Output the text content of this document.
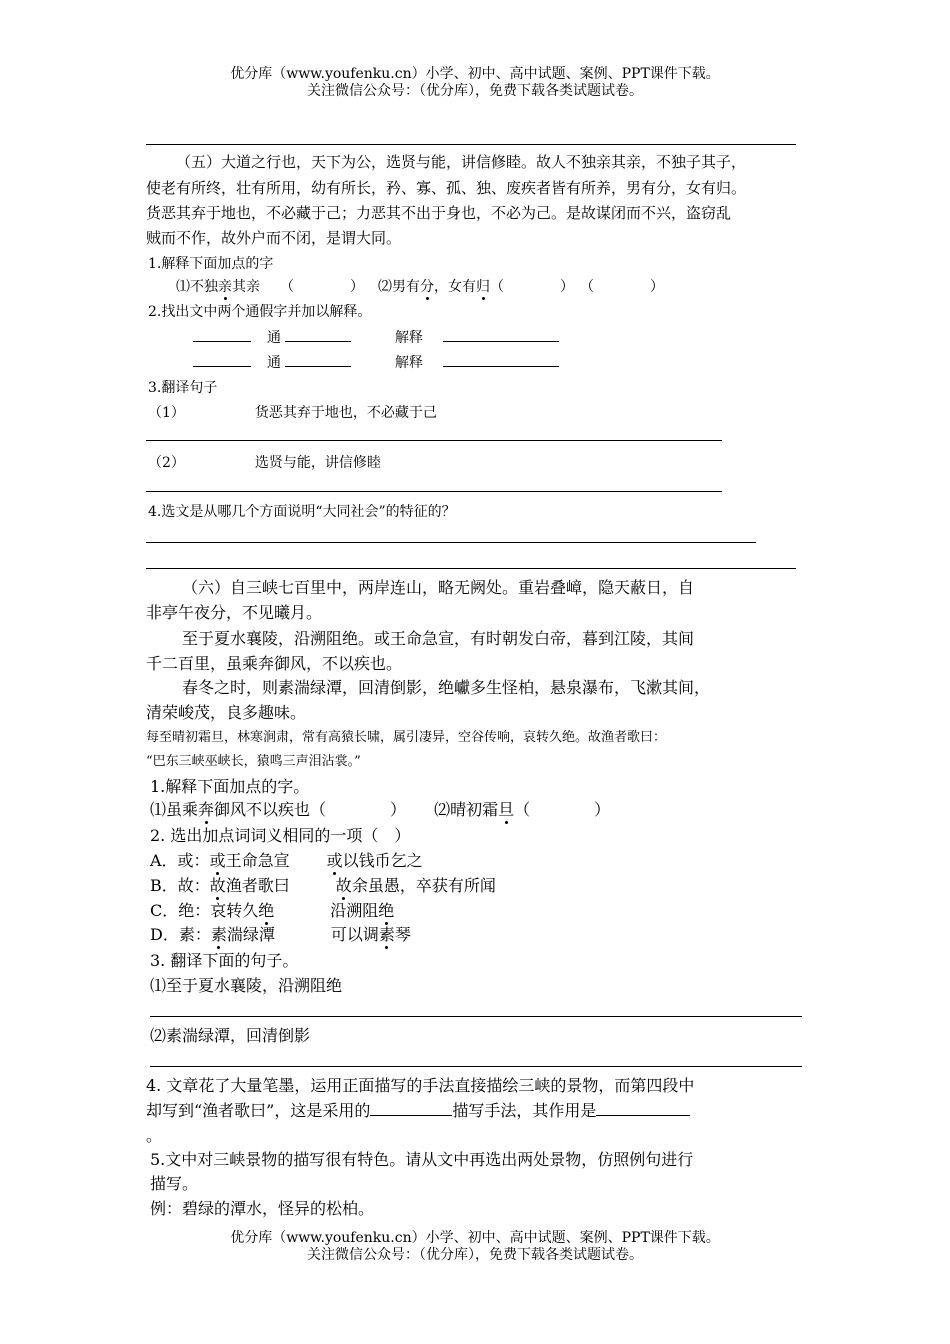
优分库（www.youfenku.cn）小学、初中、高中试题、案例、PPT课件下载。
关注微信公众号：（优分库），免费下载各类试题试卷。
（五）大道之行也，天下为公，选贤与能，讲信修睦。故人不独亲其亲，不独子其子，
使老有所终，壮有所用，幼有所长，矜、寡、孤、独、废疾者皆有所养，男有分，女有归。
货恶其弃于地也，不必藏于己；力恶其不出于身也，不必为己。是故谋闭而不兴，盗窃乱
贼而不作，故外户而不闭，是谓大同。
1.解释下面加点的字
⑴不独亲其亲 （　　　　） ⑵男有分，女有归（　　　　） （　　　　）
2.找出文中两个通假字并加以解释。
通	解释
通	解释
3.翻译句子
（1）	货恶其弃于地也，不必藏于己
（2）	选贤与能，讲信修睦
4.选文是从哪几个方面说明“大同社会”的特征的？
（六）自三峡七百里中，两岸连山，略无阙处。重岩叠嶂，隐天蔽日，自
非亭午夜分，不见曦月。
至于夏水襄陵，沿溯阻绝。或王命急宣，有时朝发白帝，暮到江陵，其间
千二百里，虽乘奔御风，不以疾也。
春冬之时，则素湍绿潭，回清倒影，绝巘多生怪柏，悬泉瀑布，飞漱其间，
清荣峻茂，良多趣味。
每至晴初霜旦，林寒涧肃，常有高猿长啸，属引凄异，空谷传响，哀转久绝。故渔者歌曰：
“巴东三峡巫峡长，猿鸣三声泪沾裳。”
1.解释下面加点的字。
⑴虽乘奔御风不以疾也（　　　　） ⑵晴初霜旦（　　　　）
2. 选出加点词词义相同的一项（　）
A．或：或王命急宣 或以钱币乞之
B．故：故渔者歌曰	故余虽愚，卒获有所闻
C．绝：哀转久绝	沿溯阻绝
D．素：素湍绿潭	可以调素琴
3. 翻译下面的句子。
⑴至于夏水襄陵，沿溯阻绝
⑵素湍绿潭，回清倒影
4. 文章花了大量笔墨，运用正面描写的手法直接描绘三峡的景物，而第四段中
却写到“渔者歌曰”，这是采用的	描写手法，其作用是
。
5.文中对三峡景物的描写很有特色。请从文中再选出两处景物，仿照例句进行
描写。
例：碧绿的潭水，怪异的松柏。
优分库（www.youfenku.cn）小学、初中、高中试题、案例、PPT课件下载。
关注微信公众号：（优分库），免费下载各类试题试卷。
